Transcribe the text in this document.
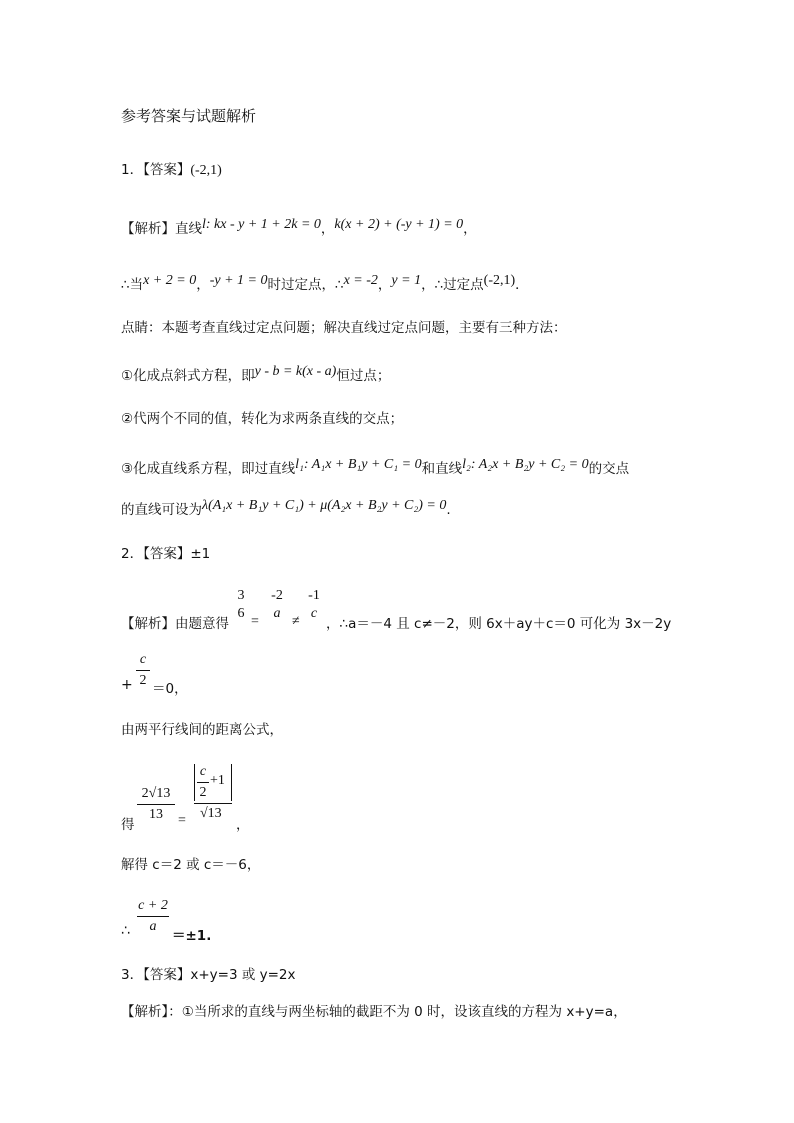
参考答案与试题解析
1．【答案】(-2,1)
【解析】直线l: kx - y + 1 + 2k = 0，k(x + 2) + (-y + 1) = 0，
∴当x + 2 = 0，-y + 1 = 0时过定点，∴x = -2，y = 1，∴过定点(-2,1)．
点睛：本题考查直线过定点问题；解决直线过定点问题，主要有三种方法：
①化成点斜式方程，即y - b = k(x - a)恒过点；
②代两个不同的值，转化为求两条直线的交点；
③化成直线系方程，即过直线l₁: A₁x + B₁y + C₁ = 0和直线l₂: A₂x + B₂y + C₂ = 0的交点
的直线可设为λ(A₁x + B₁y + C₁) + μ(A₂x + B₂y + C₂) = 0.
2．【答案】±1
【解析】由题意得
3
6
=
-2
a
≠
-1
c
，∴a＝－4 且 c≠－2，则 6x＋ay＋c＝0 可化为 3x－2y
+
c
2
＝0，
由两平行线间的距离公式，
得
2√13
13	=
c
2
+1
√13
，
解得 c＝2 或 c＝－6，
∴
c + 2
a
＝±1.
3．【答案】x+y=3 或 y=2x
【解析】：①当所求的直线与两坐标轴的截距不为 0 时，设该直线的方程为 x+y=a，
